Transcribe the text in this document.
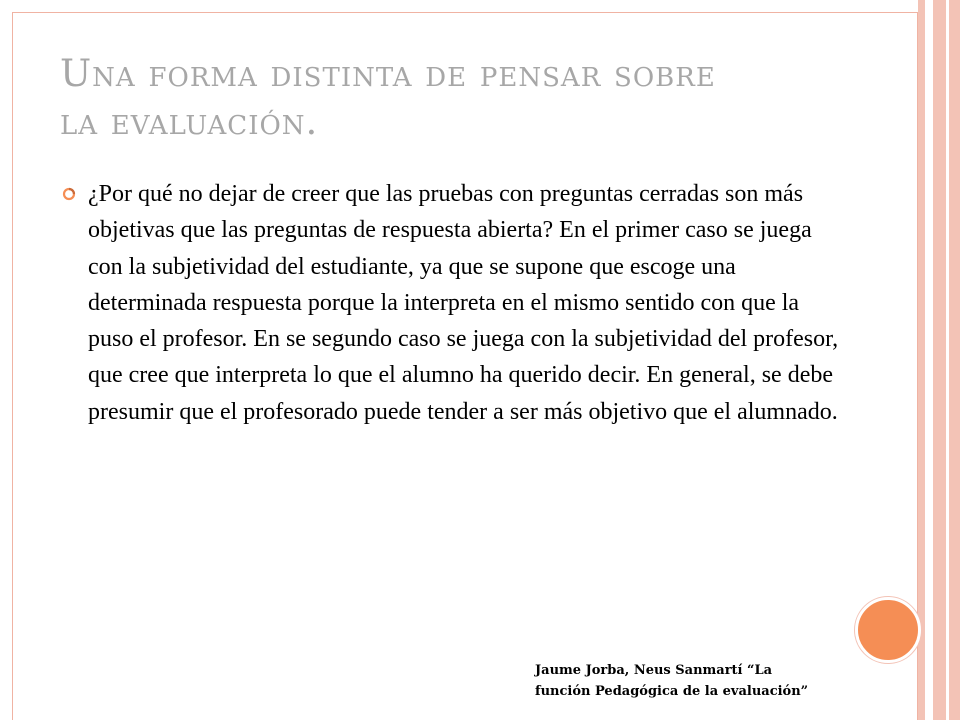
Una forma distinta de pensar sobre
la evaluación.

¿Por qué no dejar de creer que las pruebas con preguntas cerradas son más objetivas que las preguntas de respuesta abierta? En el primer caso se juega con la subjetividad del estudiante, ya que se supone que escoge una determinada respuesta porque la interpreta en el mismo sentido con que la puso el profesor. En se segundo caso se juega con la subjetividad del profesor, que cree que interpreta lo que el alumno ha querido decir. En general, se debe presumir que el profesorado puede tender a ser más objetivo que el alumnado.

Jaume Jorba, Neus Sanmartí “La
función Pedagógica de la evaluación”
